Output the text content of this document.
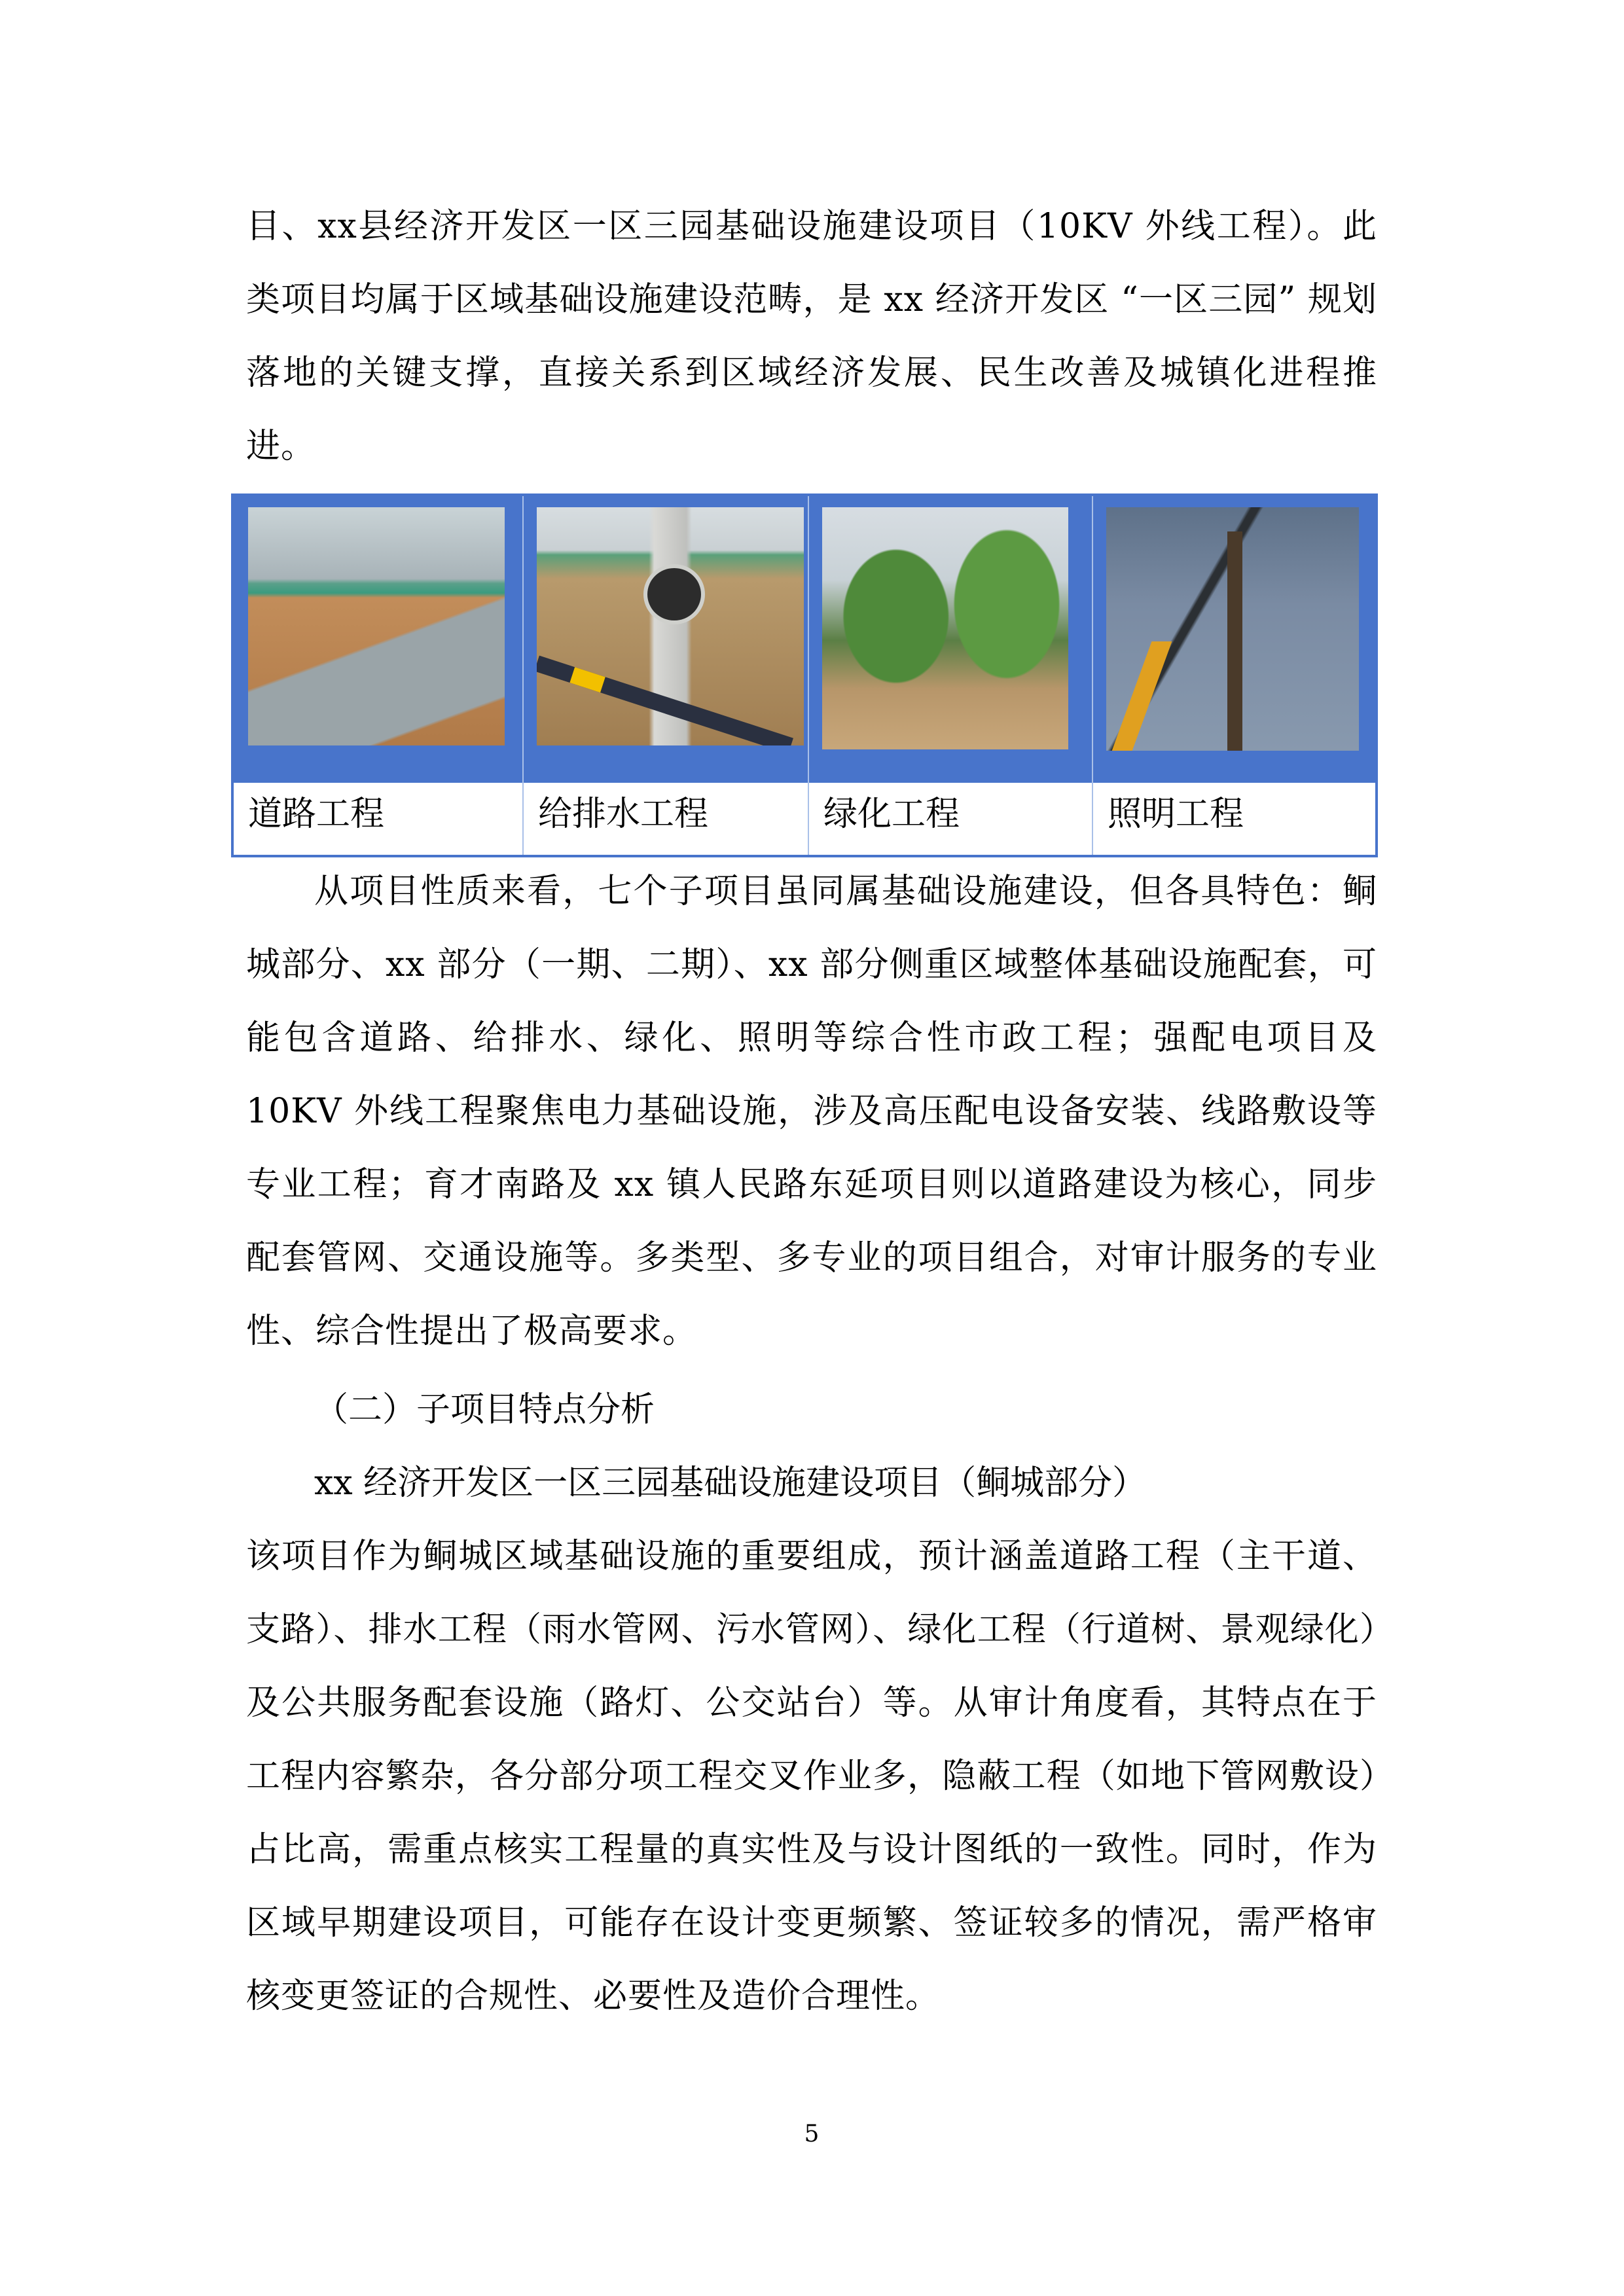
目、xx县经济开发区一区三园基础设施建设项目（10KV 外线工程）。此类项目均属于区域基础设施建设范畴，是 xx 经济开发区 “一区三园” 规划落地的关键支撑，直接关系到区域经济发展、民生改善及城镇化进程推进。

道路工程	给排水工程	绿化工程	照明工程

从项目性质来看，七个子项目虽同属基础设施建设，但各具特色：鲖城部分、xx 部分（一期、二期）、xx 部分侧重区域整体基础设施配套，可能包含道路、给排水、绿化、照明等综合性市政工程；强配电项目及 10KV 外线工程聚焦电力基础设施，涉及高压配电设备安装、线路敷设等专业工程；育才南路及 xx 镇人民路东延项目则以道路建设为核心，同步配套管网、交通设施等。多类型、多专业的项目组合，对审计服务的专业性、综合性提出了极高要求。

（二）子项目特点分析

xx 经济开发区一区三园基础设施建设项目（鲖城部分）

该项目作为鲖城区域基础设施的重要组成，预计涵盖道路工程（主干道、支路）、排水工程（雨水管网、污水管网）、绿化工程（行道树、景观绿化）及公共服务配套设施（路灯、公交站台）等。从审计角度看，其特点在于工程内容繁杂，各分部分项工程交叉作业多，隐蔽工程（如地下管网敷设）占比高，需重点核实工程量的真实性及与设计图纸的一致性。同时，作为区域早期建设项目，可能存在设计变更频繁、签证较多的情况，需严格审核变更签证的合规性、必要性及造价合理性。

5
